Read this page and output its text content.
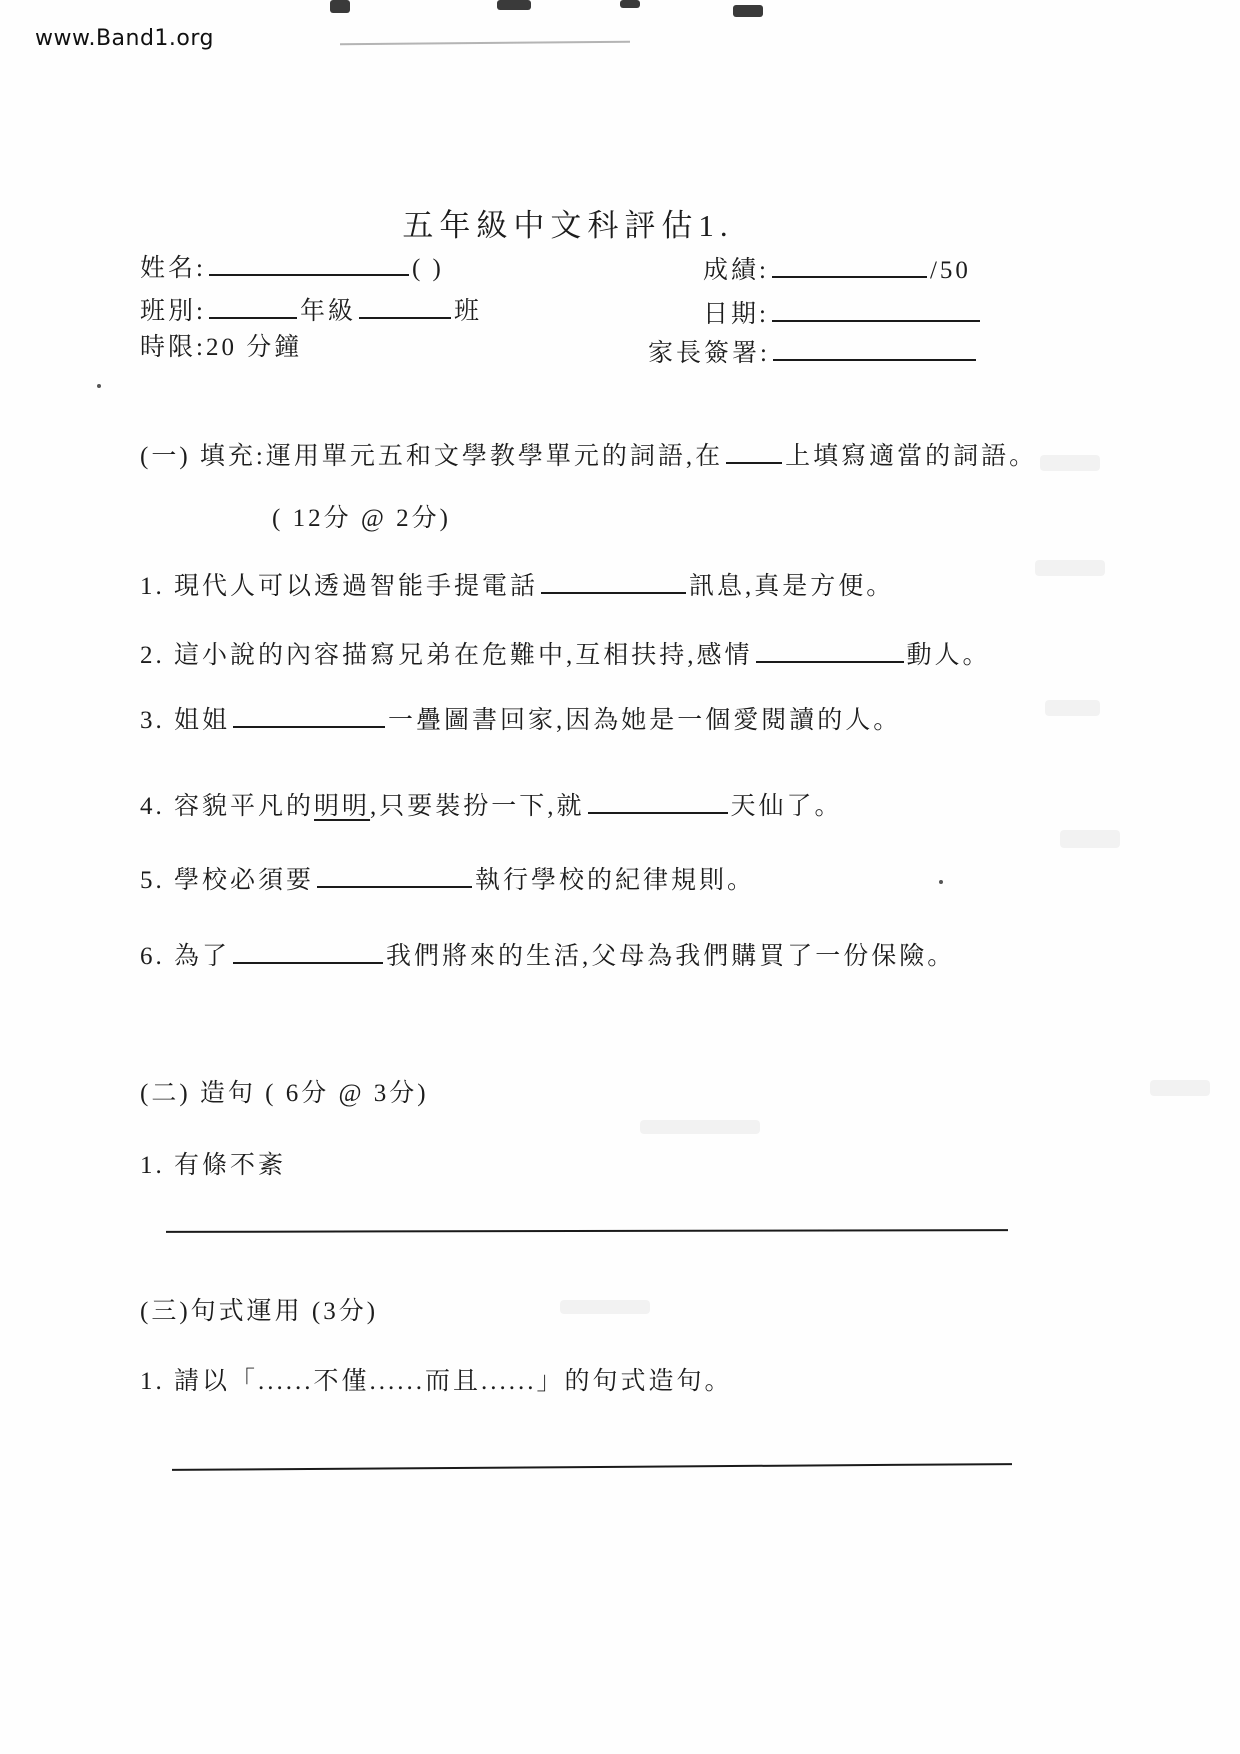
www.Band1.org
五年級中文科評估1.
姓名:	( )	成績:	/50
班別:	年級	班	日期:
時限:20 分鐘	家長簽署:
(一) 填充:運用單元五和文學教學單元的詞語,在 上填寫適當的詞語。
( 12分 @ 2分)
1. 現代人可以透過智能手提電話	訊息,真是方便。
2. 這小說的內容描寫兄弟在危難中,互相扶持,感情	動人。
3. 姐姐	一疊圖書回家,因為她是一個愛閱讀的人。
4. 容貌平凡的明明,只要裝扮一下,就	天仙了。
5. 學校必須要	執行學校的紀律規則。
6. 為了	我們將來的生活,父母為我們購買了一份保險。
(二) 造句 ( 6分 @ 3分)
1. 有條不紊
(三)句式運用 (3分)
1. 請以「......不僅......而且......」的句式造句。
